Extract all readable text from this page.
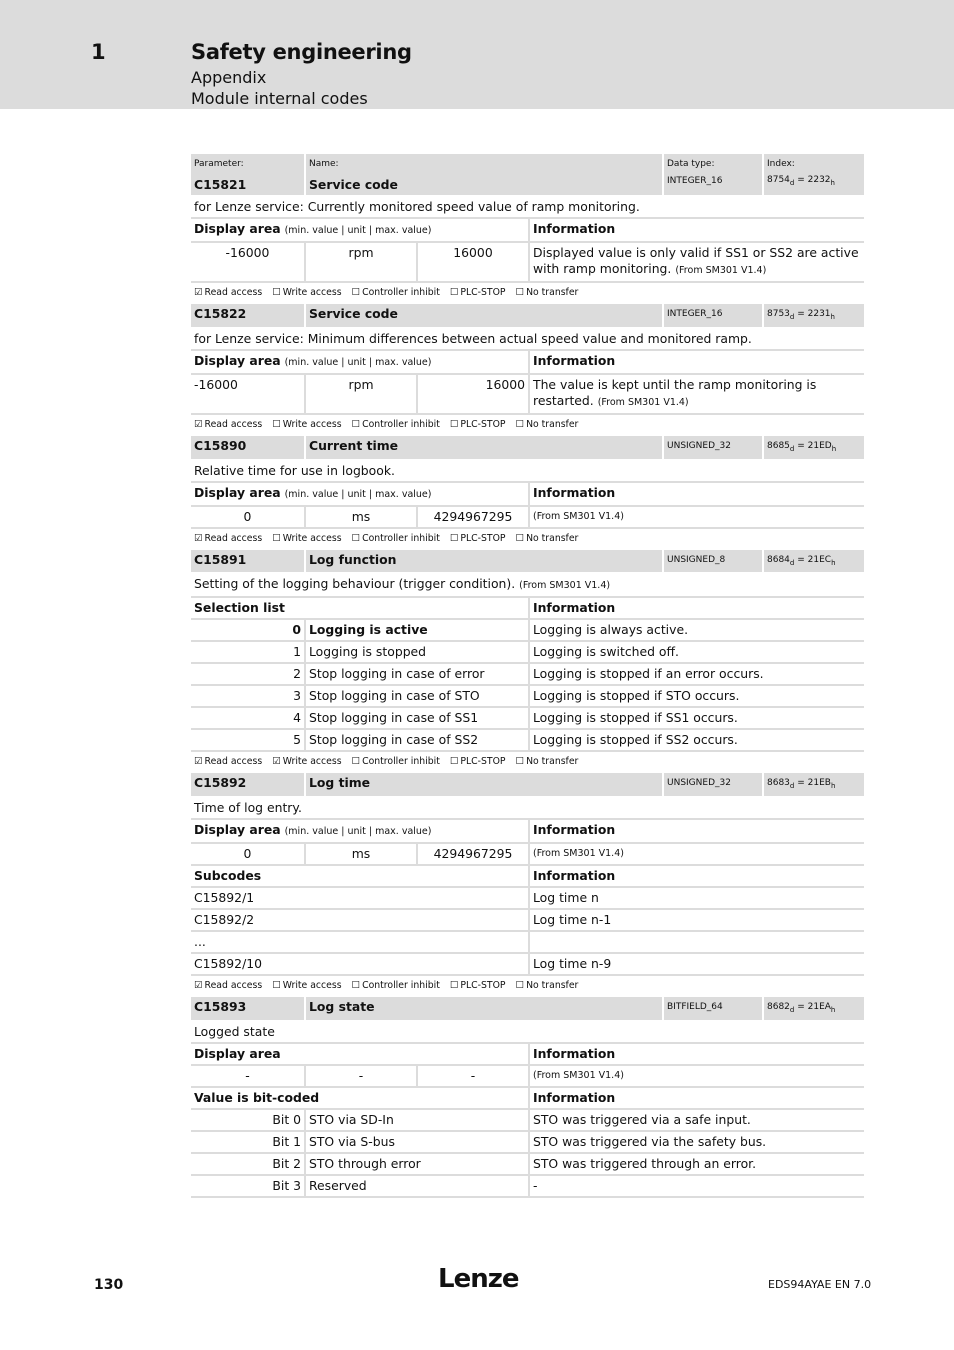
1	Safety engineering
Appendix
Module internal codes
Parameter:
C15821
Name:
Service code
Data type:
INTEGER_16
Index:
$8754_d = 2232_h$
for Lenze service: Currently monitored speed value of ramp monitoring.
Display area (min. value | unit | max. value)	Information
-16000	rpm	16000	Displayed value is only valid if SS1 or SS2 are active with ramp monitoring. (From SM301 V1.4)
☑ Read access ☐ Write access ☐ Controller inhibit ☐ PLC-STOP ☐ No transfer
C15822	Service code	INTEGER_16	$8753_d = 2231_h$
for Lenze service: Minimum differences between actual speed value and monitored ramp.
Display area (min. value | unit | max. value)	Information
-16000	rpm	16000 The value is kept until the ramp monitoring is restarted. (From SM301 V1.4)
☑ Read access ☐ Write access ☐ Controller inhibit ☐ PLC-STOP ☐ No transfer
C15890	Current time	UNSIGNED_32	$8685_d = 21ED_h$
Relative time for use in logbook.
Display area (min. value | unit | max. value)	Information
0	ms	4294967295	(From SM301 V1.4)
☑ Read access ☐ Write access ☐ Controller inhibit ☐ PLC-STOP ☐ No transfer
C15891	Log function	UNSIGNED_8	$8684_d = 21EC_h$
Setting of the logging behaviour (trigger condition). (From SM301 V1.4)
Selection list	Information
0 Logging is active	Logging is always active.
1 Logging is stopped	Logging is switched off.
2 Stop logging in case of error	Logging is stopped if an error occurs.
3 Stop logging in case of STO	Logging is stopped if STO occurs.
4 Stop logging in case of SS1	Logging is stopped if SS1 occurs.
5 Stop logging in case of SS2	Logging is stopped if SS2 occurs.
☑ Read access ☑ Write access ☐ Controller inhibit ☐ PLC-STOP ☐ No transfer
C15892	Log time	UNSIGNED_32	$8683_d = 21EB_h$
Time of log entry.
Display area (min. value | unit | max. value)	Information
0	ms	4294967295	(From SM301 V1.4)
Subcodes	Information
C15892/1	Log time n
C15892/2	Log time n-1
...
C15892/10	Log time n-9
☑ Read access ☐ Write access ☐ Controller inhibit ☐ PLC-STOP ☐ No transfer
C15893	Log state	BITFIELD_64	$8682_d = 21EA_h$
Logged state
Display area	Information
-	-	-	(From SM301 V1.4)
Value is bit-coded	Information
Bit 0 STO via SD-In	STO was triggered via a safe input.
Bit 1 STO via S-bus	STO was triggered via the safety bus.
Bit 2 STO through error	STO was triggered through an error.
Bit 3 Reserved	-
130	Lenze	EDS94AYAE EN 7.0
